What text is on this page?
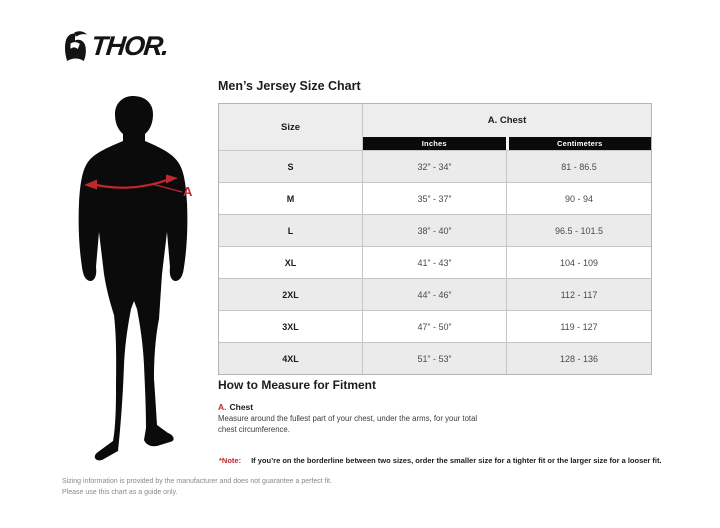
THOR.
A
Men’s Jersey Size Chart
Size
A. Chest
Inches	Centimeters
S	32” - 34”	81 - 86.5
M	35” - 37”	90 - 94
L	38” - 40”	96.5 - 101.5
XL	41” - 43”	104 - 109
2XL	44” - 46”	112 - 117
3XL	47” - 50”	119 - 127
4XL	51” - 53”	128 - 136
How to Measure for Fitment
A. Chest
Measure around the fullest part of your chest, under the arms, for your total chest circumference.
*Note: If you’re on the borderline between two sizes, order the smaller size for a tighter fit or the larger size for a looser fit.
Sizing information is provided by the manufacturer and does not guarantee a perfect fit.
Please use this chart as a guide only.
